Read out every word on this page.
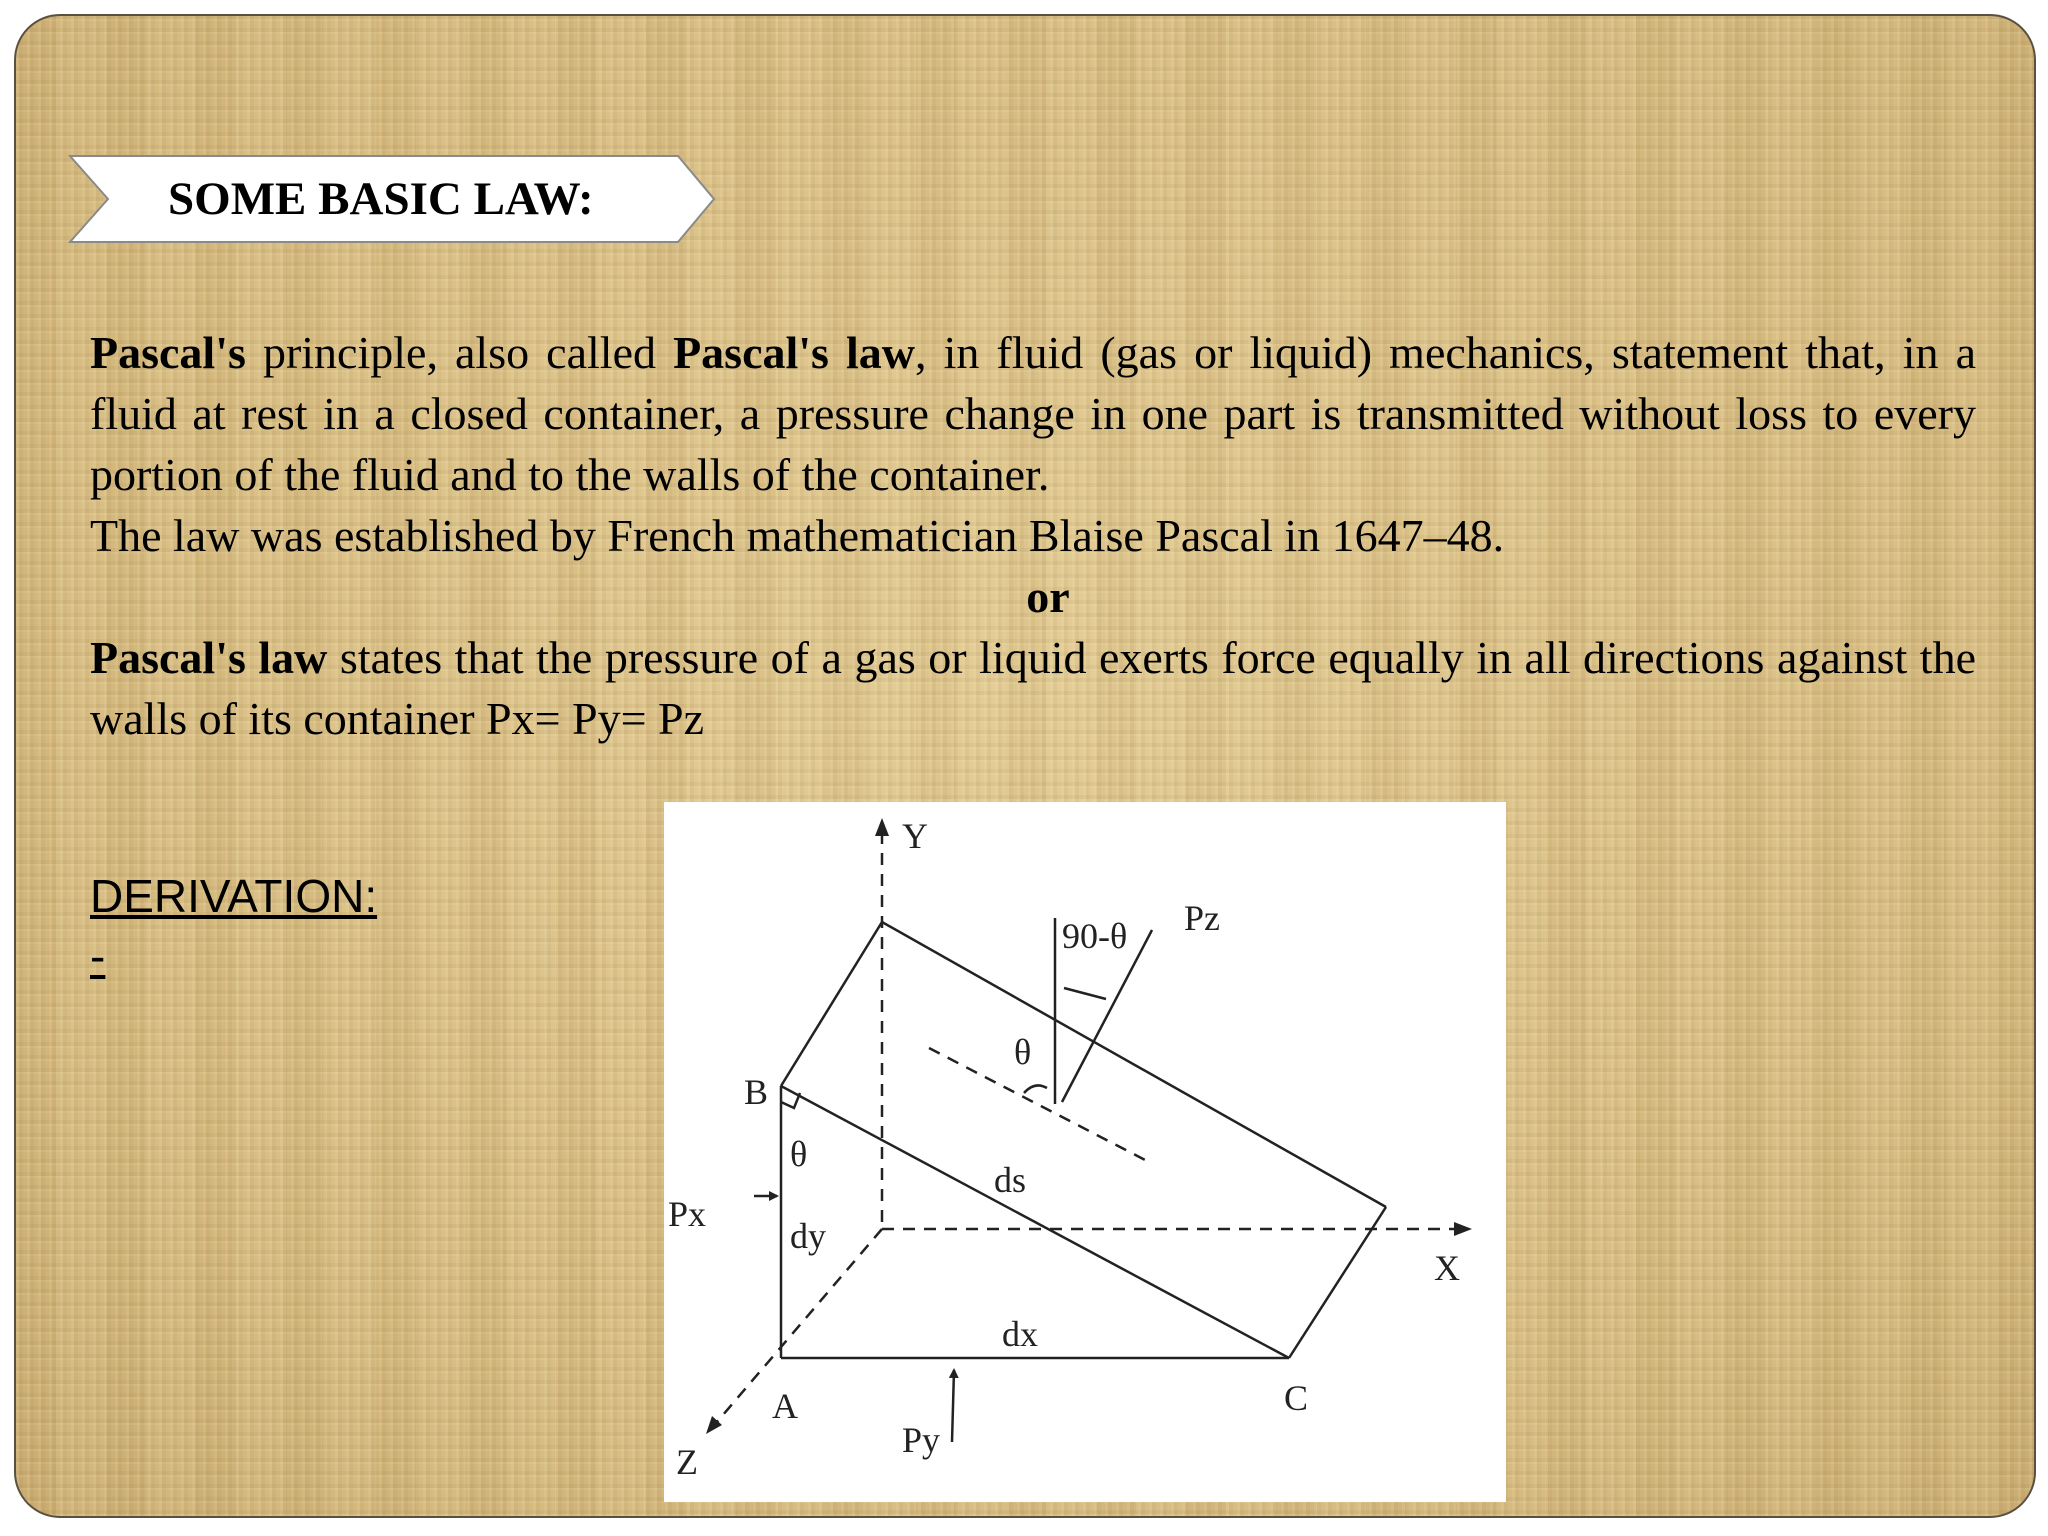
SOME BASIC LAW:

Pascal's principle, also called Pascal's law, in fluid (gas or liquid) mechanics, statement that, in a fluid at rest in a closed container, a pressure change in one part is transmitted without loss to every portion of the fluid and to the walls of the container.

The law was established by French mathematician Blaise Pascal in 1647–48.

or

Pascal's law states that the pressure of a gas or liquid exerts force equally in all directions against the walls of its container Px= Py= Pz

DERIVATION:
-
Y
X
Z
A
B
C
Px
Py
Pz
dx
dy
ds
θ
θ
90-θ
